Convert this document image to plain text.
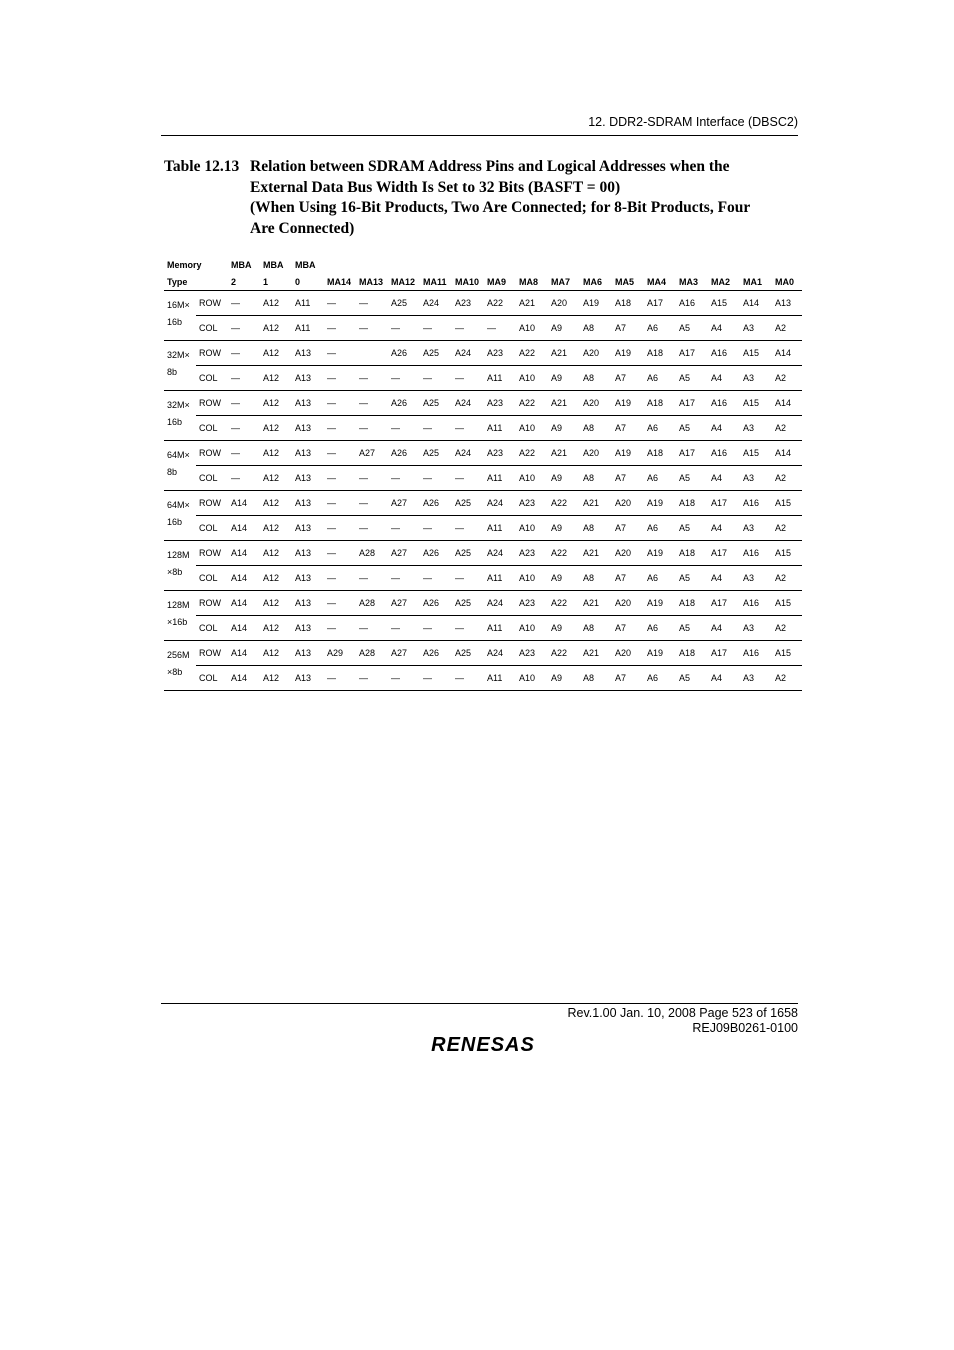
12. DDR2-SDRAM Interface (DBSC2)
Table 12.13 Relation between SDRAM Address Pins and Logical Addresses when the
External Data Bus Width Is Set to 32 Bits (BASFT = 00)
(When Using 16-Bit Products, Two Are Connected; for 8-Bit Products, Four
Are Connected)
Memory		MBA	MBA	MBA															
Type		2	1	0	MA14	MA13	MA12	MA11	MA10	MA9	MA8	MA7	MA6	MA5	MA4	MA3	MA2	MA1	MA0

16M×
16b	ROW	—	A12	A11	—	—	A25	A24	A23	A22	A21	A20	A19	A18	A17	A16	A15	A14	A13
	COL	—	A12	A11	—	—	—	—	—	—	A10	A9	A8	A7	A6	A5	A4	A3	A2

32M×
8b	ROW	—	A12	A13	—		A26	A25	A24	A23	A22	A21	A20	A19	A18	A17	A16	A15	A14
	COL	—	A12	A13	—	—	—	—	—	A11	A10	A9	A8	A7	A6	A5	A4	A3	A2

32M×
16b	ROW	—	A12	A13	—	—	A26	A25	A24	A23	A22	A21	A20	A19	A18	A17	A16	A15	A14
	COL	—	A12	A13	—	—	—	—	—	A11	A10	A9	A8	A7	A6	A5	A4	A3	A2

64M×
8b	ROW	—	A12	A13	—	A27	A26	A25	A24	A23	A22	A21	A20	A19	A18	A17	A16	A15	A14
	COL	—	A12	A13	—	—	—	—	—	A11	A10	A9	A8	A7	A6	A5	A4	A3	A2

64M×
16b	ROW	A14	A12	A13	—	—	A27	A26	A25	A24	A23	A22	A21	A20	A19	A18	A17	A16	A15
	COL	A14	A12	A13	—	—	—	—	—	A11	A10	A9	A8	A7	A6	A5	A4	A3	A2

128M
×8b	ROW	A14	A12	A13	—	A28	A27	A26	A25	A24	A23	A22	A21	A20	A19	A18	A17	A16	A15
	COL	A14	A12	A13	—	—	—	—	—	A11	A10	A9	A8	A7	A6	A5	A4	A3	A2

128M
×16b	ROW	A14	A12	A13	—	A28	A27	A26	A25	A24	A23	A22	A21	A20	A19	A18	A17	A16	A15
	COL	A14	A12	A13	—	—	—	—	—	A11	A10	A9	A8	A7	A6	A5	A4	A3	A2

256M
×8b	ROW	A14	A12	A13	A29	A28	A27	A26	A25	A24	A23	A22	A21	A20	A19	A18	A17	A16	A15
	COL	A14	A12	A13	—	—	—	—	—	A11	A10	A9	A8	A7	A6	A5	A4	A3	A2
Rev.1.00 Jan. 10, 2008 Page 523 of 1658
REJ09B0261-0100
RENESAS
